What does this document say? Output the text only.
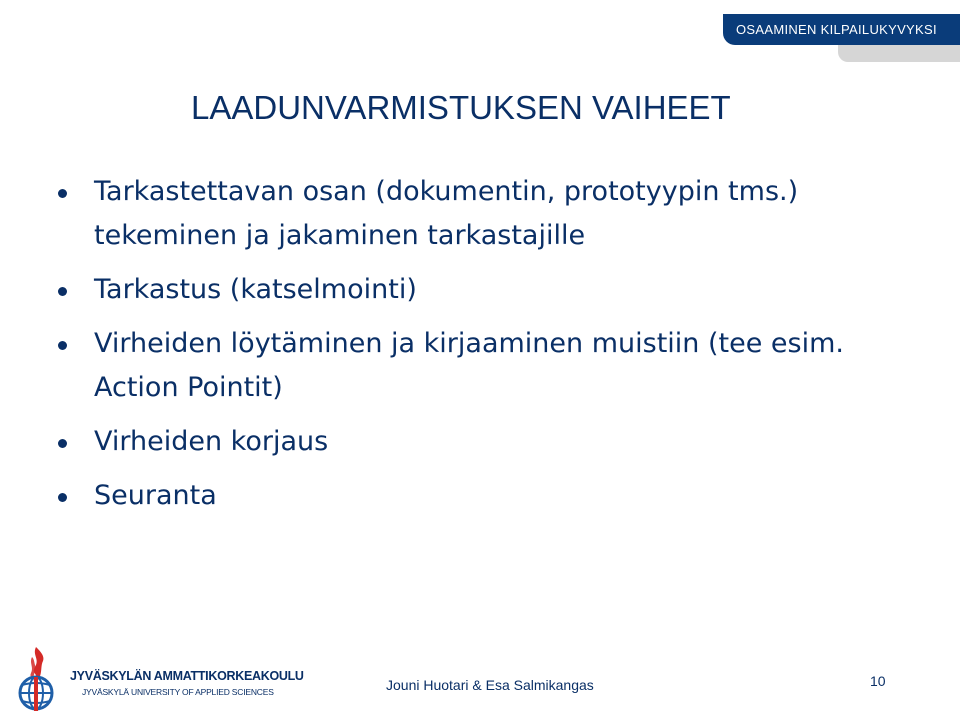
OSAAMINEN KILPAILUKYVYKSI
LAADUNVARMISTUKSEN VAIHEET
Tarkastettavan osan (dokumentin, prototyypin tms.) tekeminen ja jakaminen tarkastajille
Tarkastus (katselmointi)
Virheiden löytäminen ja kirjaaminen muistiin (tee esim. Action Pointit)
Virheiden korjaus
Seuranta
JYVÄSKYLÄN AMMATTIKORKEAKOULU
JYVÄSKYLÄ UNIVERSITY OF APPLIED SCIENCES	Jouni Huotari & Esa Salmikangas	10
